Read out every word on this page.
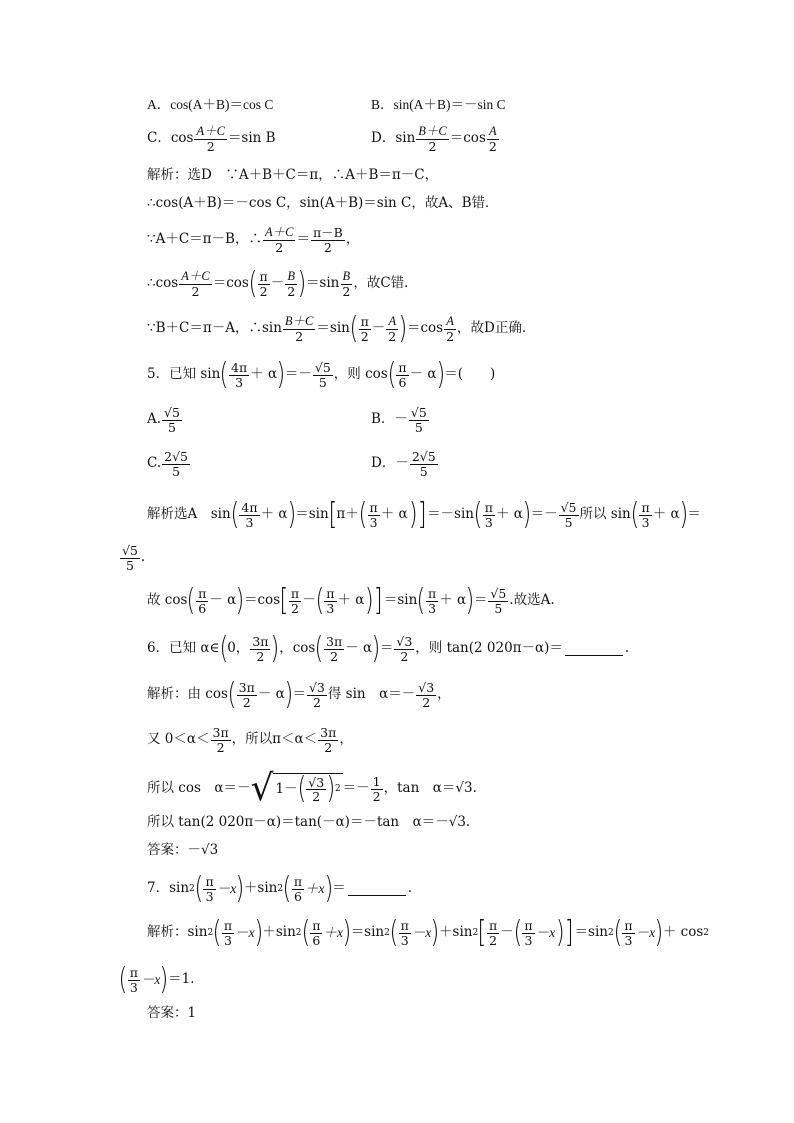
A．cos(A＋B)＝cos C	B．sin(A＋B)＝－sin C
C．$\cos \frac{A+C}{2} =\sin$ B	D．$\sin \frac{B+C}{2} =\cos \frac{A}{2}$
解析：选D　∵A＋B＋C＝π，∴A＋B＝π－C，
∴cos(A＋B)＝－cos C，sin(A＋B)＝sin C，故A、B错．
∵A＋C＝π－B，∴ $\frac{A+C}{2} = \frac{\pi-B}{2}$ ，
∴cos $\frac{A+C}{2} =\cos$ ( $\frac{\pi}{2} - \frac{B}{2}$ ) $=\sin \frac{B}{2}$ ，故C错．
∵B＋C＝π－A，∴sin $\frac{B+C}{2} =\sin$ ( $\frac{\pi}{2} - \frac{A}{2}$ ) $=\cos \frac{A}{2}$ ，故D正确．
5．已知 sin ( $\frac{4\pi}{3} + \alpha$ ) ＝－ $\frac{√5}{5}$ ，则 cos ( $\frac{\pi}{6} - \alpha$ ) ＝(　　)
A. $\frac{√5}{5}$	B．－ $\frac{√5}{5}$
C. $\frac{2√5}{5}$	D．－ $\frac{2√5}{5}$
解析选A　sin ( $\frac{4\pi}{3} + \alpha$ ) ＝sin [ π＋ ( $\frac{\pi}{3} + \alpha$ )] ＝－sin ( $\frac{\pi}{3} + \alpha$ ) ＝－ $\frac{√5}{5}$ 所以 sin ( $\frac{\pi}{3} + \alpha$ ) ＝
$\frac{√5}{5}$ .
故 cos ( $\frac{\pi}{6} - \alpha$ ) ＝cos [ $\frac{\pi}{2}$ － ( $\frac{\pi}{3} + \alpha$ )] ＝sin ( $\frac{\pi}{3} + \alpha$ ) ＝ $\frac{√5}{5}$ .故选A.
6．已知 α∈ ( 0， $\frac{3\pi}{2}$ ) ，cos ( $\frac{3\pi}{2} - \alpha$ ) ＝ $\frac{√3}{2}$ ，则 tan(2 020π－α)＝	.
解析：由 cos ( $\frac{3\pi}{2} - \alpha$ ) ＝ $\frac{√3}{2}$ 得 sin　$\alpha=- \frac{√3}{2}$ ，
又 $0<\alpha< \frac{3\pi}{2}$ ，所以$\pi<\alpha< \frac{3\pi}{2}$ ，
所以 cos　α＝－ √ 1－ ( $\frac{√3}{2}$ ) $2 =- \frac{1}{2}$ ，tan　α＝√3.
所以 tan(2 020π－α)＝tan(－α)＝－tan　α＝－√3.
答案：－√3
7．sin 2 ( $\frac{\pi}{3} -x$ ) ＋sin 2 ( $\frac{\pi}{6} +x$ ) ＝	.
解析：sin 2 ( $\frac{\pi}{3} -x$ ) ＋sin 2 ( $\frac{\pi}{6} +x$ ) ＝sin 2 ( $\frac{\pi}{3} -x$ ) ＋sin 2 [ $\frac{\pi}{2}$ － ( $\frac{\pi}{3} -x$ )] ＝sin 2 ( $\frac{\pi}{3} -x$ ) ＋ cos 2
( $\frac{\pi}{3} -x$ ) ＝1.
答案：1
